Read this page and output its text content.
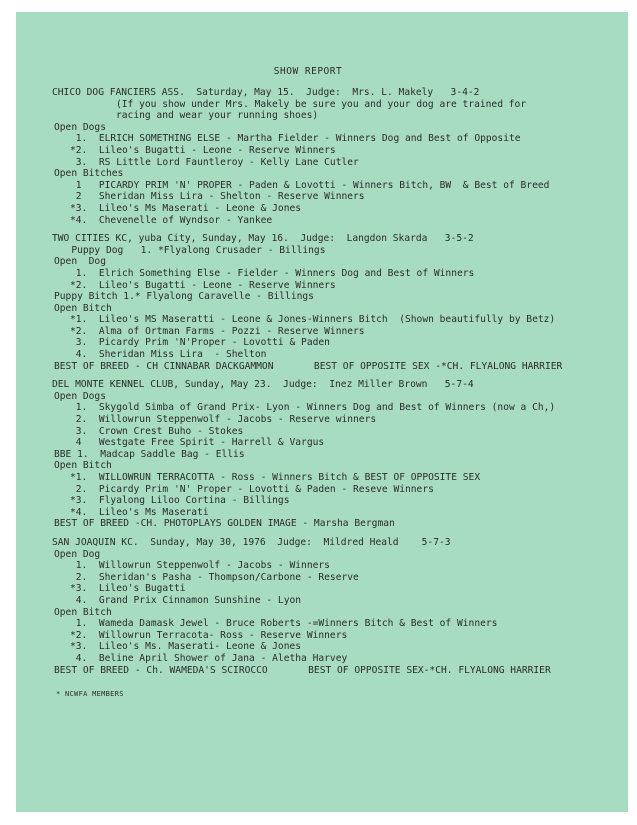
SHOW REPORT
CHICO DOG FANCIERS ASS.  Saturday, May 15.  Judge:  Mrs. L. Makely   3-4-2
(If you show under Mrs. Makely be sure you and your dog are trained for
racing and wear your running shoes)
Open Dogs
1.  ELRICH SOMETHING ELSE - Martha Fielder - Winners Dog and Best of Opposite
*2.  Lileo's Bugatti - Leone - Reserve Winners
3.  RS Little Lord Fauntleroy - Kelly Lane Cutler
Open Bitches
1   PICARDY PRIM 'N' PROPER - Paden & Lovotti - Winners Bitch, BW  & Best of Breed
2   Sheridan Miss Lira - Shelton - Reserve Winners
*3.  Lileo's Ms Maserati - Leone & Jones
*4.  Chevenelle of Wyndsor - Yankee
TWO CITIES KC, yuba City, Sunday, May 16.  Judge:  Langdon Skarda   3-5-2
Puppy Dog   1. *Flyalong Crusader - Billings
Open  Dog
1.  Elrich Something Else - Fielder - Winners Dog and Best of Winners
*2.  Lileo's Bugatti - Leone - Reserve Winners
Puppy Bitch 1.* Flyalong Caravelle - Billings
Open Bitch
*1.  Lileo's MS Maseratti - Leone & Jones-Winners Bitch  (Shown beautifully by Betz)
*2.  Alma of Ortman Farms - Pozzi - Reserve Winners
3.  Picardy Prim 'N'Proper - Lovotti & Paden
4.  Sheridan Miss Lira  - Shelton
BEST OF BREED - CH CINNABAR DACKGAMMON       BEST OF OPPOSITE SEX -*CH. FLYALONG HARRIER
DEL MONTE KENNEL CLUB, Sunday, May 23.  Judge:  Inez Miller Brown   5-7-4
Open Dogs
1.  Skygold Simba of Grand Prix- Lyon - Winners Dog and Best of Winners (now a Ch,)
2.  Willowrun Steppenwolf - Jacobs - Reserve winners
3.  Crown Crest Buho - Stokes
4   Westgate Free Spirit - Harrell & Vargus
BBE 1.  Madcap Saddle Bag - Ellis
Open Bitch
*1.  WILLOWRUN TERRACOTTA - Ross - Winners Bitch & BEST OF OPPOSITE SEX
2.  Picardy Prim 'N' Proper - Lovotti & Paden - Reseve Winners
*3.  Flyalong Liloo Cortina - Billings
*4.  Lileo's Ms Maserati
BEST OF BREED -CH. PHOTOPLAYS GOLDEN IMAGE - Marsha Bergman
SAN JOAQUIN KC.  Sunday, May 30, 1976  Judge:  Mildred Heald    5-7-3
Open Dog
1.  Willowrun Steppenwolf - Jacobs - Winners
2.  Sheridan's Pasha - Thompson/Carbone - Reserve
*3.  Lileo's Bugatti
4.  Grand Prix Cinnamon Sunshine - Lyon
Open Bitch
1.  Wameda Damask Jewel - Bruce Roberts -=Winners Bitch & Best of Winners
*2.  Willowrun Terracota- Ross - Reserve Winners
*3.  Lileo's Ms. Maserati- Leone & Jones
4.  Beline April Shower of Jana - Aletha Harvey
BEST OF BREED - Ch. WAMEDA'S SCIROCCO       BEST OF OPPOSITE SEX-*CH. FLYALONG HARRIER
* NCWFA MEMBERS
